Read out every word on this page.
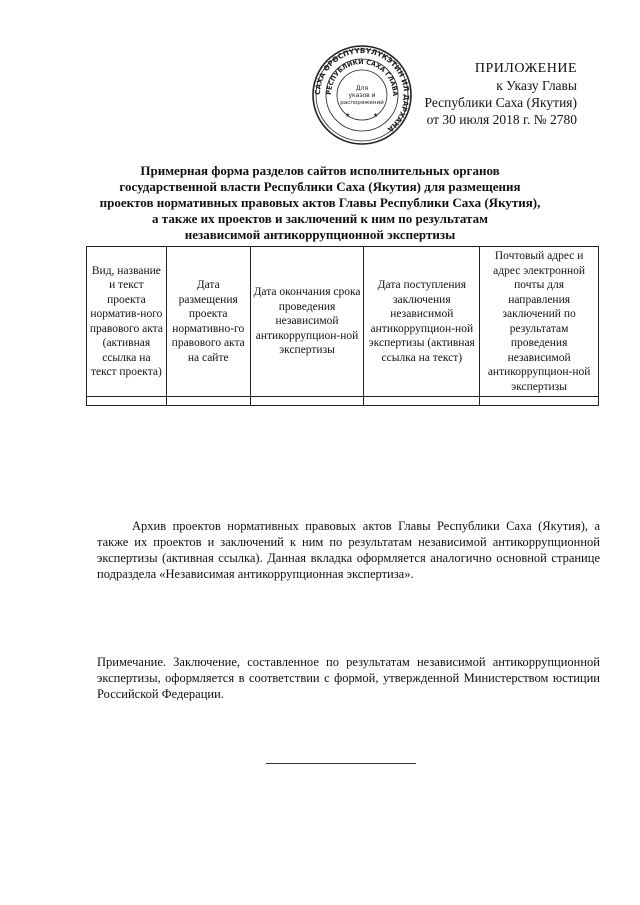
САХА ӨРӨСПҮҮБҮЛҮКЭТИН ИЛ ДАРХАНА
РЕСПУБЛИКИ САХА ГЛАВА
Для
указов и
распоряжений
★	★
ПРИЛОЖЕНИЕ
к Указу Главы
Республики Саха (Якутия)
от 30 июля 2018 г. № 2780
Примерная форма разделов сайтов исполнительных органов
государственной власти Республики Саха (Якутия) для размещения
проектов нормативных правовых актов Главы Республики Саха (Якутия),
а также их проектов и заключений к ним по результатам
независимой антикоррупционной экспертизы
Вид, название и текст проекта норматив-ного правового акта (активная ссылка на текст проекта)	Дата размещения проекта нормативно-го правового акта на сайте	Дата окончания срока проведения независимой антикоррупцион-ной экспертизы	Дата поступления заключения независимой антикоррупцион-ной экспертизы (активная ссылка на текст)	Почтовый адрес и адрес электронной почты для направления заключений по результатам проведения независимой антикоррупцион-ной экспертизы

Архив проектов нормативных правовых актов Главы Республики Саха (Якутия), а также их проектов и заключений к ним по результатам независимой антикоррупционной экспертизы (активная ссылка). Данная вкладка оформляется аналогично основной странице подраздела «Независимая антикоррупционная экспертиза».
Примечание. Заключение, составленное по результатам независимой антикоррупционной экспертизы, оформляется в соответствии с формой, утвержденной Министерством юстиции Российской Федерации.
